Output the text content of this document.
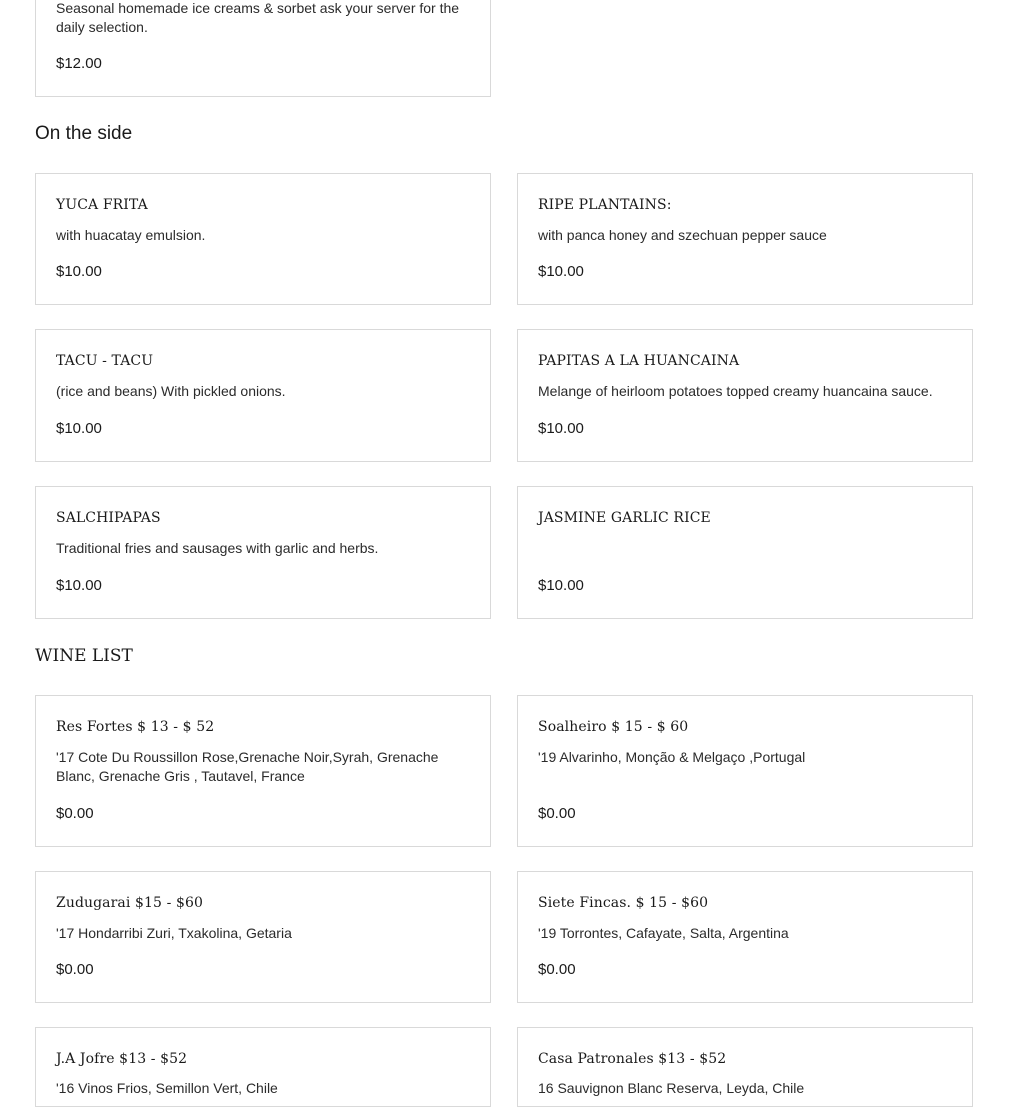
Seasonal homemade ice creams & sorbet ask your server for the daily selection.
$12.00
On the side
YUCA FRITA
with huacatay emulsion.
$10.00
RIPE PLANTAINS:
with panca honey and szechuan pepper sauce
$10.00
TACU - TACU
(rice and beans) With pickled onions.
$10.00
PAPITAS A LA HUANCAINA
Melange of heirloom potatoes topped creamy huancaina sauce.
$10.00
SALCHIPAPAS
Traditional fries and sausages with garlic and herbs.
$10.00
JASMINE GARLIC RICE
$10.00
WINE LIST
Res Fortes $ 13 - $ 52
'17 Cote Du Roussillon Rose,Grenache Noir,Syrah, Grenache Blanc, Grenache Gris , Tautavel, France
$0.00
Soalheiro $ 15 - $ 60
'19 Alvarinho, Monção & Melgaço ,Portugal
$0.00
Zudugarai $15 - $60
'17 Hondarribi Zuri, Txakolina, Getaria
$0.00
Siete Fincas. $ 15 - $60
'19 Torrontes, Cafayate, Salta, Argentina
$0.00
J.A Jofre $13 - $52
'16 Vinos Frios, Semillon Vert, Chile
Casa Patronales $13 - $52
16 Sauvignon Blanc Reserva, Leyda, Chile
